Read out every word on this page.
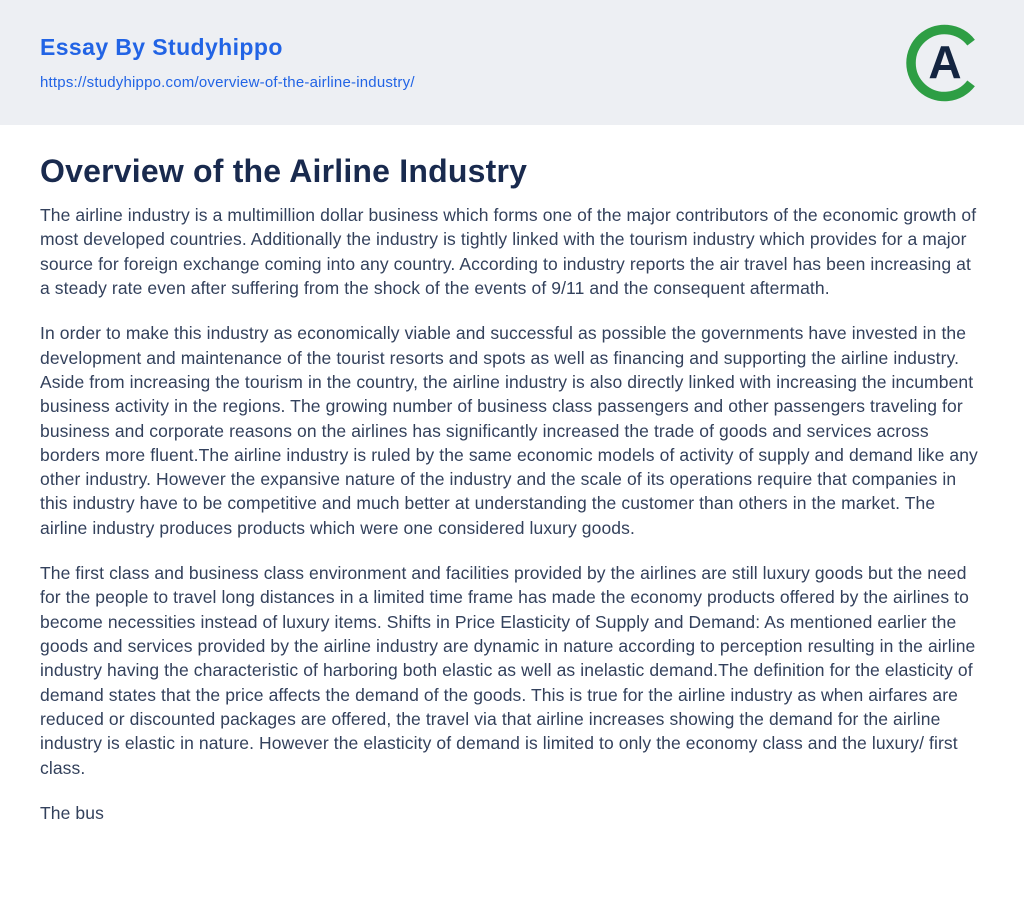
Essay By Studyhippo
https://studyhippo.com/overview-of-the-airline-industry/	A
Overview of the Airline Industry

The airline industry is a multimillion dollar business which forms one of the major contributors of the economic growth of most developed countries. Additionally the industry is tightly linked with the tourism industry which provides for a major source for foreign exchange coming into any country. According to industry reports the air travel has been increasing at a steady rate even after suffering from the shock of the events of 9/11 and the consequent aftermath.

In order to make this industry as economically viable and successful as possible the governments have invested in the development and maintenance of the tourist resorts and spots as well as financing and supporting the airline industry. Aside from increasing the tourism in the country, the airline industry is also directly linked with increasing the incumbent business activity in the regions. The growing number of business class passengers and other passengers traveling for business and corporate reasons on the airlines has significantly increased the trade of goods and services across borders more fluent.The airline industry is ruled by the same economic models of activity of supply and demand like any other industry. However the expansive nature of the industry and the scale of its operations require that companies in this industry have to be competitive and much better at understanding the customer than others in the market. The airline industry produces products which were one considered luxury goods.

The first class and business class environment and facilities provided by the airlines are still luxury goods but the need for the people to travel long distances in a limited time frame has made the economy products offered by the airlines to become necessities instead of luxury items. Shifts in Price Elasticity of Supply and Demand: As mentioned earlier the goods and services provided by the airline industry are dynamic in nature according to perception resulting in the airline industry having the characteristic of harboring both elastic as well as inelastic demand.The definition for the elasticity of demand states that the price affects the demand of the goods. This is true for the airline industry as when airfares are reduced or discounted packages are offered, the travel via that airline increases showing the demand for the airline industry is elastic in nature. However the elasticity of demand is limited to only the economy class and the luxury/ first class.

The bus
